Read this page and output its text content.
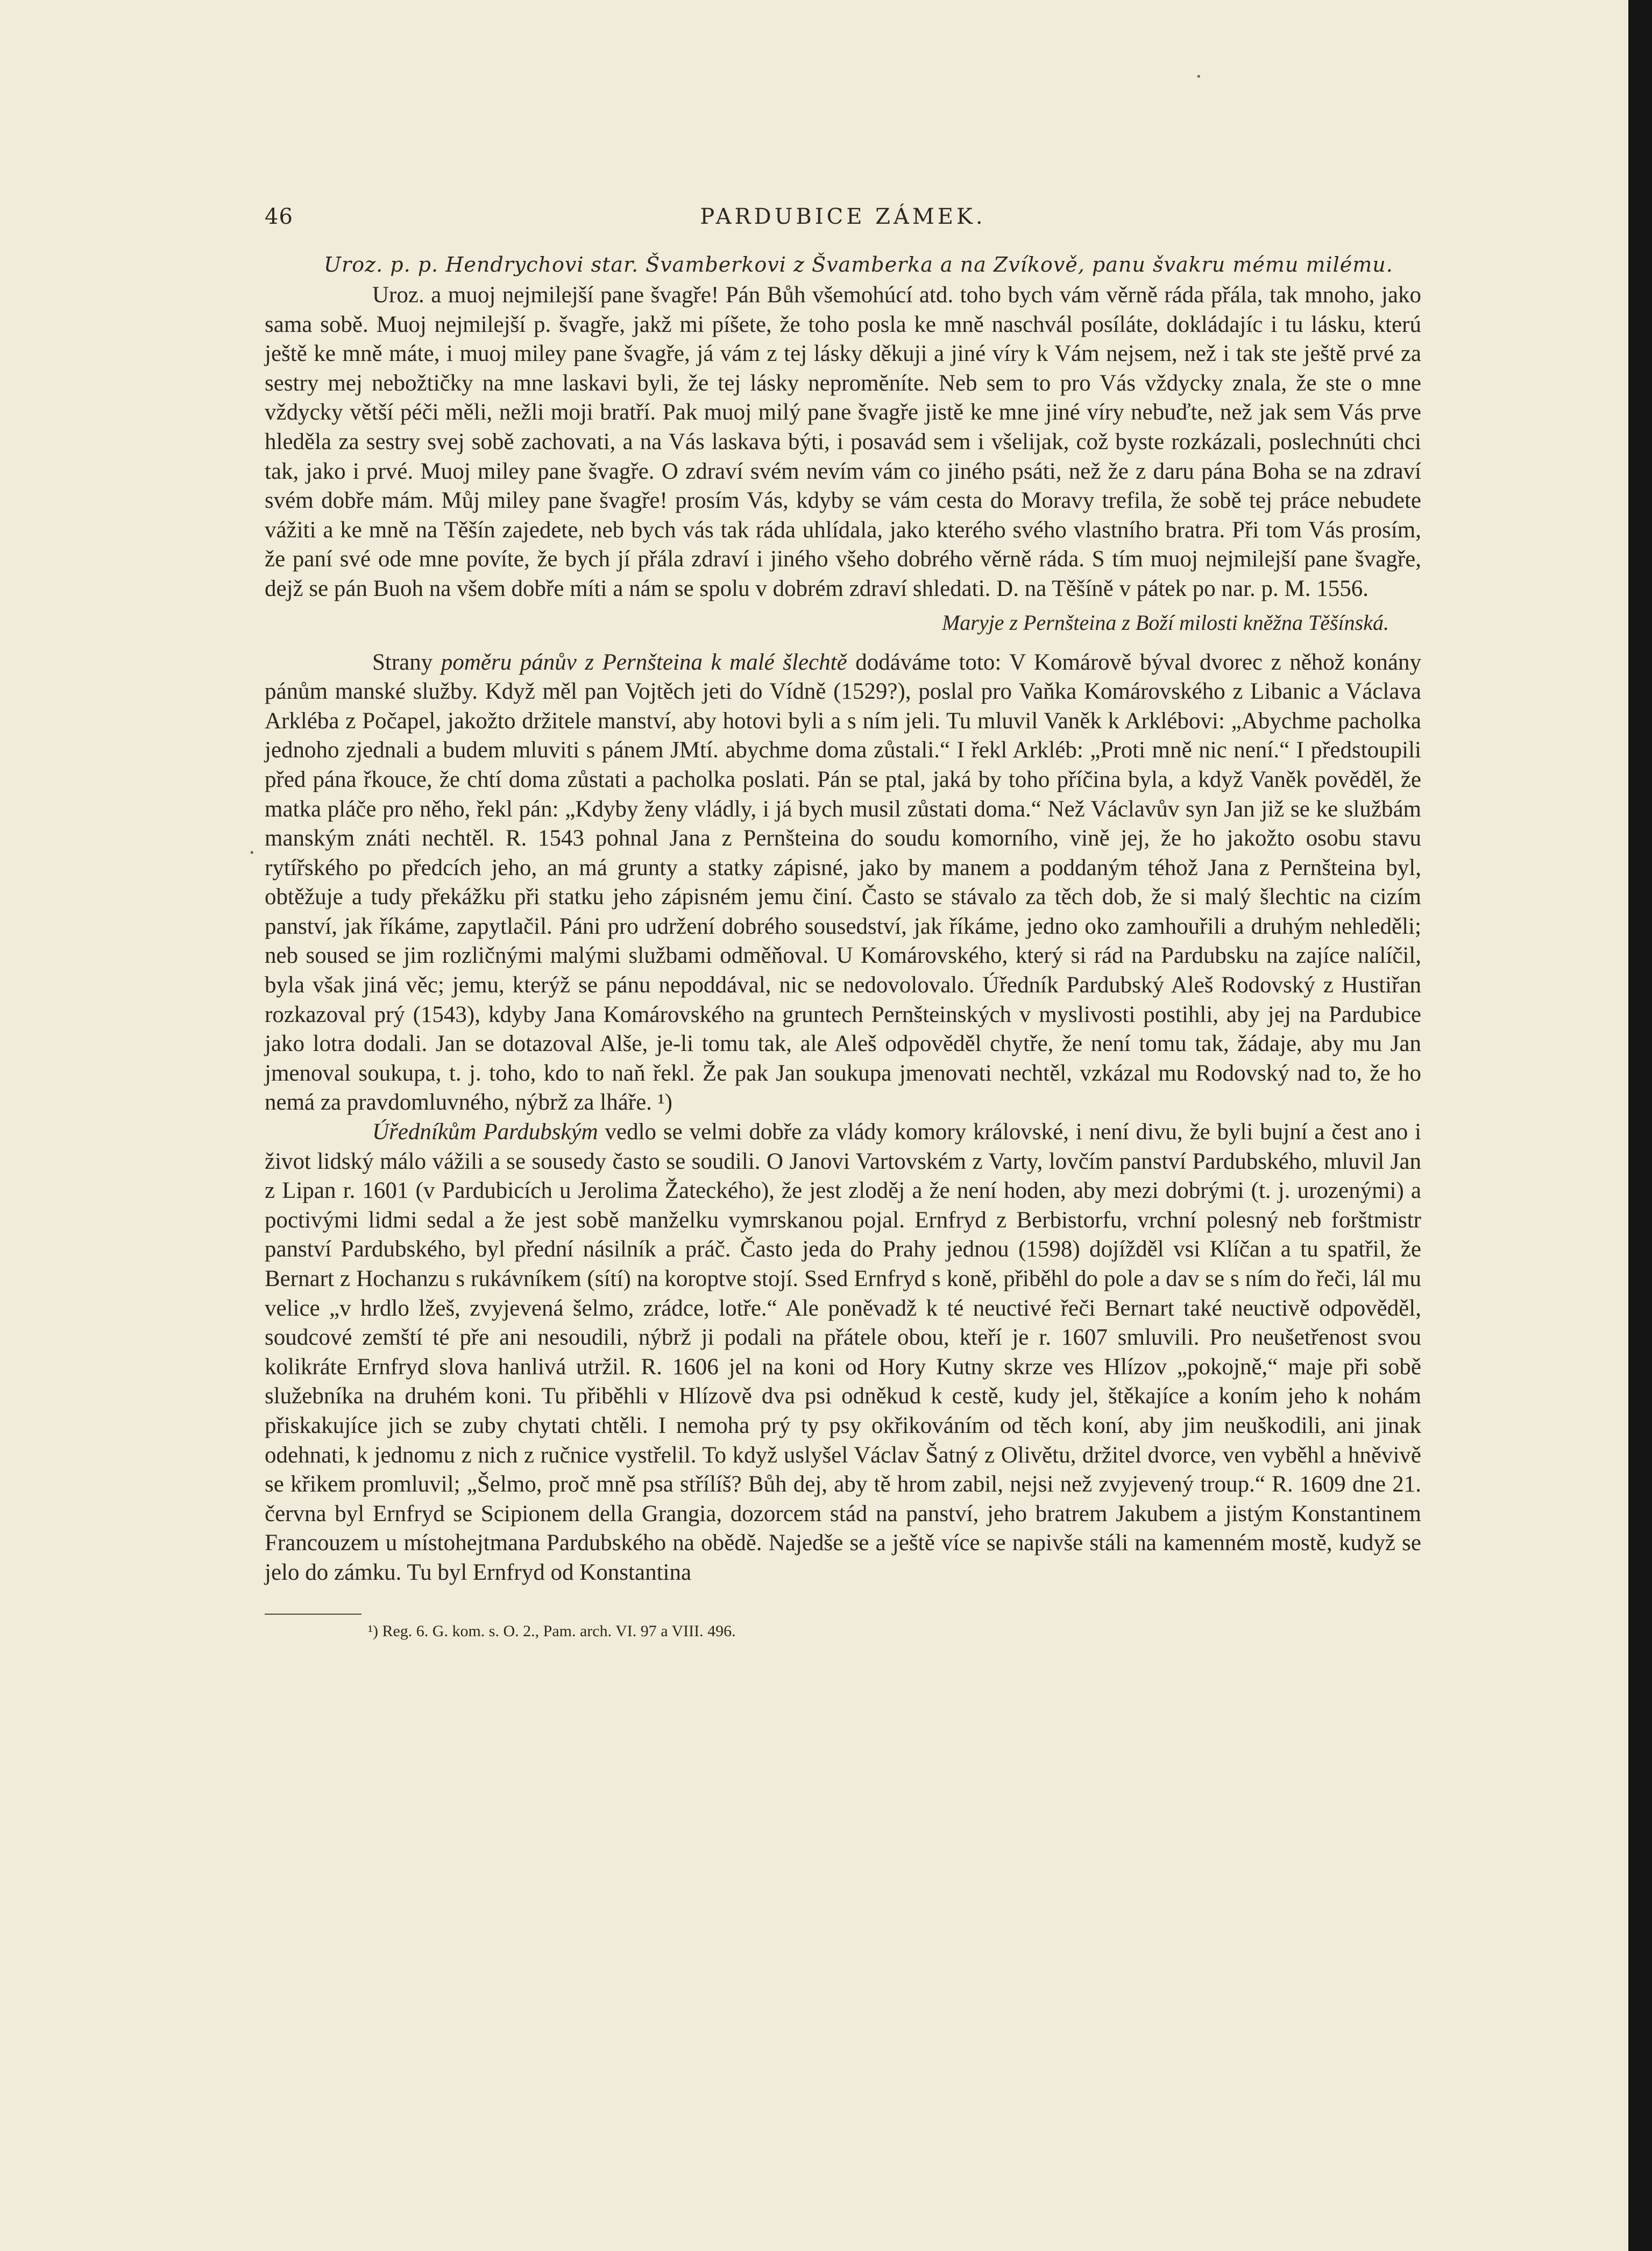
·
·
46	PARDUBICE ZÁMEK.
Uroz. p. p. Hendrychovi star. Švamberkovi z Švamberka a na Zvíkově, panu švakru mému milému.

Uroz. a muoj nejmilejší pane švagře! Pán Bůh všemohúcí atd. toho bych vám věrně ráda přála, tak mnoho, jako sama sobě. Muoj nejmilejší p. švagře, jakž mi píšete, že toho posla ke mně naschvál posíláte, dokládajíc i tu lásku, kterú ještě ke mně máte, i muoj miley pane švagře, já vám z tej lásky děkuji a jiné víry k Vám nejsem, než i tak ste ještě prvé za sestry mej nebožtičky na mne laskavi byli, že tej lásky nepromĕníte. Neb sem to pro Vás vždycky znala, že ste o mne vždycky větší péči měli, nežli moji bratří. Pak muoj milý pane švagře jistě ke mne jiné víry nebuďte, než jak sem Vás prve hleděla za sestry svej sobě zachovati, a na Vás laskava býti, i posavád sem i všelijak, což byste rozkázali, poslechnúti chci tak, jako i prvé. Muoj miley pane švagře. O zdraví svém nevím vám co jiného psáti, než že z daru pána Boha se na zdraví svém dobře mám. Můj miley pane švagře! prosím Vás, kdyby se vám cesta do Moravy trefila, že sobě tej práce nebudete vážiti a ke mně na Těšín zajedete, neb bych vás tak ráda uhlídala, jako kterého svého vlastního bratra. Při tom Vás prosím, že paní své ode mne povíte, že bych jí přála zdraví i jiného všeho dobrého věrně ráda. S tím muoj nejmilejší pane švagře, dejž se pán Buoh na všem dobře míti a nám se spolu v dobrém zdraví shledati. D. na Těšíně v pátek po nar. p. M. 1556.

Maryje z Pernšteina z Boží milosti kněžna Těšínská.

Strany poměru pánův z Pernšteina k malé šlechtě dodáváme toto: V Komárově býval dvorec z něhož konány pánům manské služby. Když měl pan Vojtěch jeti do Vídně (1529?), poslal pro Vaňka Komárovského z Libanic a Václava Arkléba z Počapel, jakožto držitele manství, aby hotovi byli a s ním jeli. Tu mluvil Vaněk k Arklébovi: „Abychme pacholka jednoho zjednali a budem mluviti s pánem JMtí. abychme doma zůstali.“ I řekl Arkléb: „Proti mně nic není.“ I předstoupili před pána řkouce, že chtí doma zůstati a pacholka poslati. Pán se ptal, jaká by toho příčina byla, a když Vaněk pověděl, že matka pláče pro něho, řekl pán: „Kdyby ženy vládly, i já bych musil zůstati doma.“ Než Václavův syn Jan již se ke službám manským znáti nechtěl. R. 1543 pohnal Jana z Pernšteina do soudu komorního, vině jej, že ho jakožto osobu stavu rytířského po předcích jeho, an má grunty a statky zápisné, jako by manem a poddaným téhož Jana z Pernšteina byl, obtěžuje a tudy překážku při statku jeho zápisném jemu činí. Často se stávalo za těch dob, že si malý šlechtic na cizím panství, jak říkáme, zapytlačil. Páni pro udržení dobrého sousedství, jak říkáme, jedno oko zamhouřili a druhým nehleděli; neb soused se jim rozličnými malými službami odměňoval. U Komárovského, který si rád na Pardubsku na zajíce nalíčil, byla však jiná věc; jemu, kterýž se pánu nepoddával, nic se nedovolovalo. Úředník Pardubský Aleš Rodovský z Hustiřan rozkazoval prý (1543), kdyby Jana Komárovského na gruntech Pernšteinských v myslivosti postihli, aby jej na Pardubice jako lotra dodali. Jan se dotazoval Alše, je-li tomu tak, ale Aleš odpověděl chytře, že není tomu tak, žádaje, aby mu Jan jmenoval soukupa, t. j. toho, kdo to naň řekl. Že pak Jan soukupa jmenovati nechtěl, vzkázal mu Rodovský nad to, že ho nemá za pravdomluvného, nýbrž za lháře. ¹)

Úředníkům Pardubským vedlo se velmi dobře za vlády komory královské, i není divu, že byli bujní a čest ano i život lidský málo vážili a se sousedy často se soudili. O Janovi Vartovském z Varty, lovčím panství Pardubského, mluvil Jan z Lipan r. 1601 (v Pardubicích u Jerolima Žateckého), že jest zloděj a že není hoden, aby mezi dobrými (t. j. urozenými) a poctivými lidmi sedal a že jest sobě manželku vymrskanou pojal. Ernfryd z Berbistorfu, vrchní polesný neb forštmistr panství Pardubského, byl přední násilník a práč. Často jeda do Prahy jednou (1598) dojížděl vsi Klíčan a tu spatřil, že Bernart z Hochanzu s rukávníkem (sítí) na koroptve stojí. Ssed Ernfryd s koně, přiběhl do pole a dav se s ním do řeči, lál mu velice „v hrdlo lžeš, zvyjevená šelmo, zrádce, lotře.“ Ale poněvadž k té neuctivé řeči Bernart také neuctivě odpověděl, soudcové zemští té pře ani nesoudili, nýbrž ji podali na přátele obou, kteří je r. 1607 smluvili. Pro neušetřenost svou kolikráte Ernfryd slova hanlivá utržil. R. 1606 jel na koni od Hory Kutny skrze ves Hlízov „pokojně,“ maje při sobě služebníka na druhém koni. Tu přiběhli v Hlízově dva psi odněkud k cestě, kudy jel, štěkajíce a koním jeho k nohám přiskakujíce jich se zuby chytati chtěli. I nemoha prý ty psy okřikováním od těch koní, aby jim neuškodili, ani jinak odehnati, k jednomu z nich z ručnice vystřelil. To když uslyšel Václav Šatný z Olivětu, držitel dvorce, ven vyběhl a hněvivě se křikem promluvil; „Šelmo, proč mně psa střílíš? Bůh dej, aby tě hrom zabil, nejsi než zvyjevený troup.“ R. 1609 dne 21. června byl Ernfryd se Scipionem della Grangia, dozorcem stád na panství, jeho bratrem Jakubem a jistým Konstantinem Francouzem u místohejtmana Pardubského na obědě. Najedše se a ještě více se napivše stáli na kamenném mostě, kudyž se jelo do zámku. Tu byl Ernfryd od Konstantina

¹) Reg. 6. G. kom. s. O. 2., Pam. arch. VI. 97 a VIII. 496.
